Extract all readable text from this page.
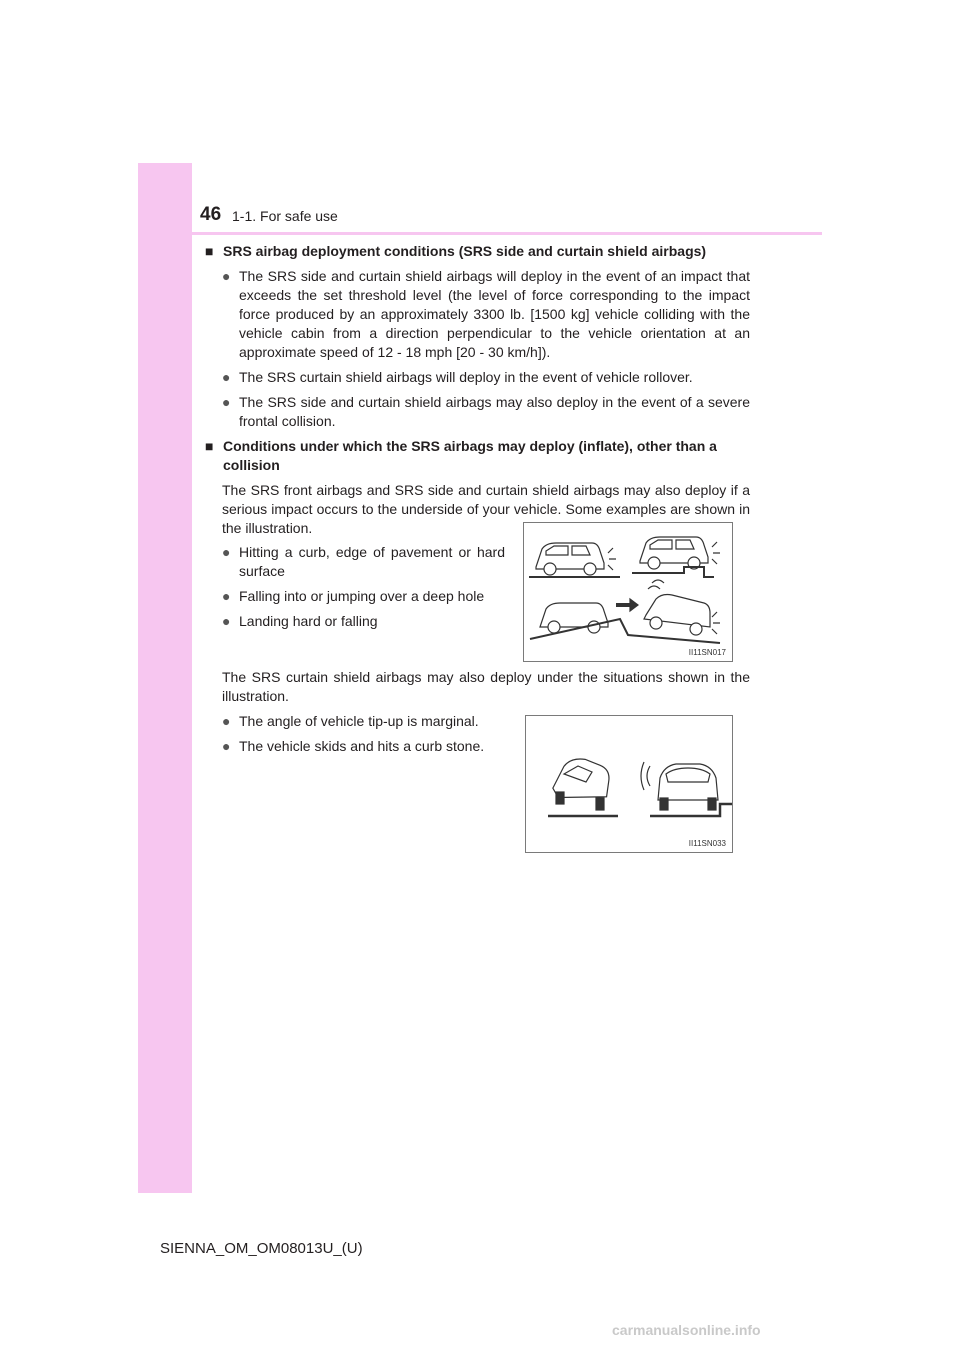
46 1-1. For safe use
■ SRS airbag deployment conditions (SRS side and curtain shield airbags)
● The SRS side and curtain shield airbags will deploy in the event of an impact that exceeds the set threshold level (the level of force corresponding to the impact force produced by an approximately 3300 lb. [1500 kg] vehicle colliding with the vehicle cabin from a direction perpendicular to the vehicle orientation at an approximate speed of 12 - 18 mph [20 - 30 km/h]).
● The SRS curtain shield airbags will deploy in the event of vehicle rollover.
● The SRS side and curtain shield airbags may also deploy in the event of a severe frontal collision.
■ Conditions under which the SRS airbags may deploy (inflate), other than a collision
The SRS front airbags and SRS side and curtain shield airbags may also deploy if a serious impact occurs to the underside of your vehicle. Some examples are shown in the illustration.
● Hitting a curb, edge of pavement or hard surface
● Falling into or jumping over a deep hole
● Landing hard or falling
The SRS curtain shield airbags may also deploy under the situations shown in the illustration.
● The angle of vehicle tip-up is marginal.
● The vehicle skids and hits a curb stone.
II11SN017
II11SN033
SIENNA_OM_OM08013U_(U)
carmanualsonline.info
